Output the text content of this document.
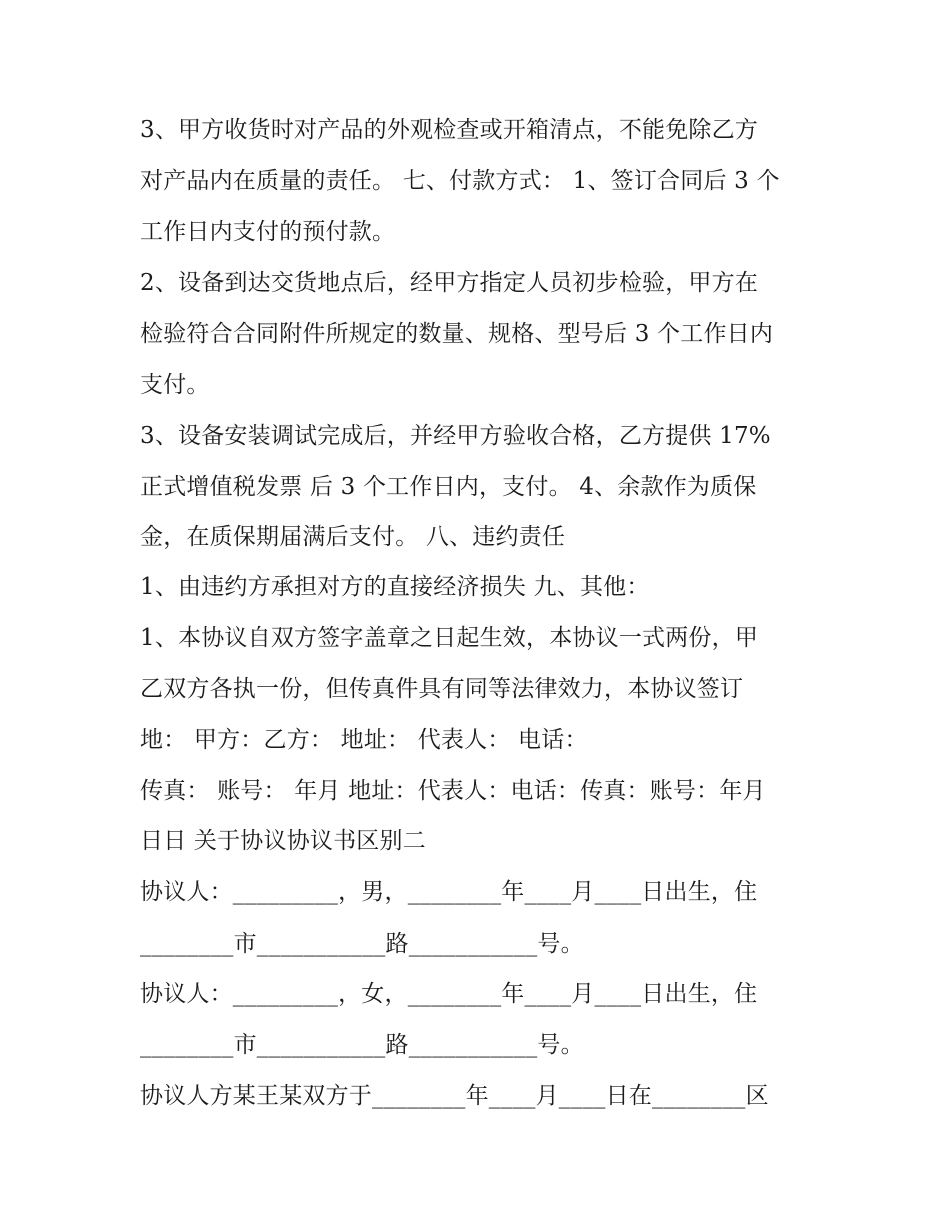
3、甲方收货时对产品的外观检查或开箱清点，不能免除乙方
对产品内在质量的责任。 七、付款方式： 1、签订合同后 3 个
工作日内支付的预付款。
2、设备到达交货地点后，经甲方指定人员初步检验，甲方在
检验符合合同附件所规定的数量、规格、型号后 3 个工作日内
支付。
3、设备安装调试完成后，并经甲方验收合格，乙方提供 17%
正式增值税发票 后 3 个工作日内，支付。 4、余款作为质保
金，在质保期届满后支付。 八、违约责任
1、由违约方承担对方的直接经济损失 九、其他：
1、本协议自双方签字盖章之日起生效，本协议一式两份，甲
乙双方各执一份，但传真件具有同等法律效力，本协议签订
地： 甲方：乙方： 地址： 代表人： 电话：
传真： 账号： 年月 地址：代表人：电话：传真：账号：年月
日日 关于协议协议书区别二
协议人：_________，男，________年____月____日出生，住
________市___________路___________号。
协议人：_________，女，________年____月____日出生，住
________市___________路___________号。
协议人方某王某双方于________年____月____日在________区
